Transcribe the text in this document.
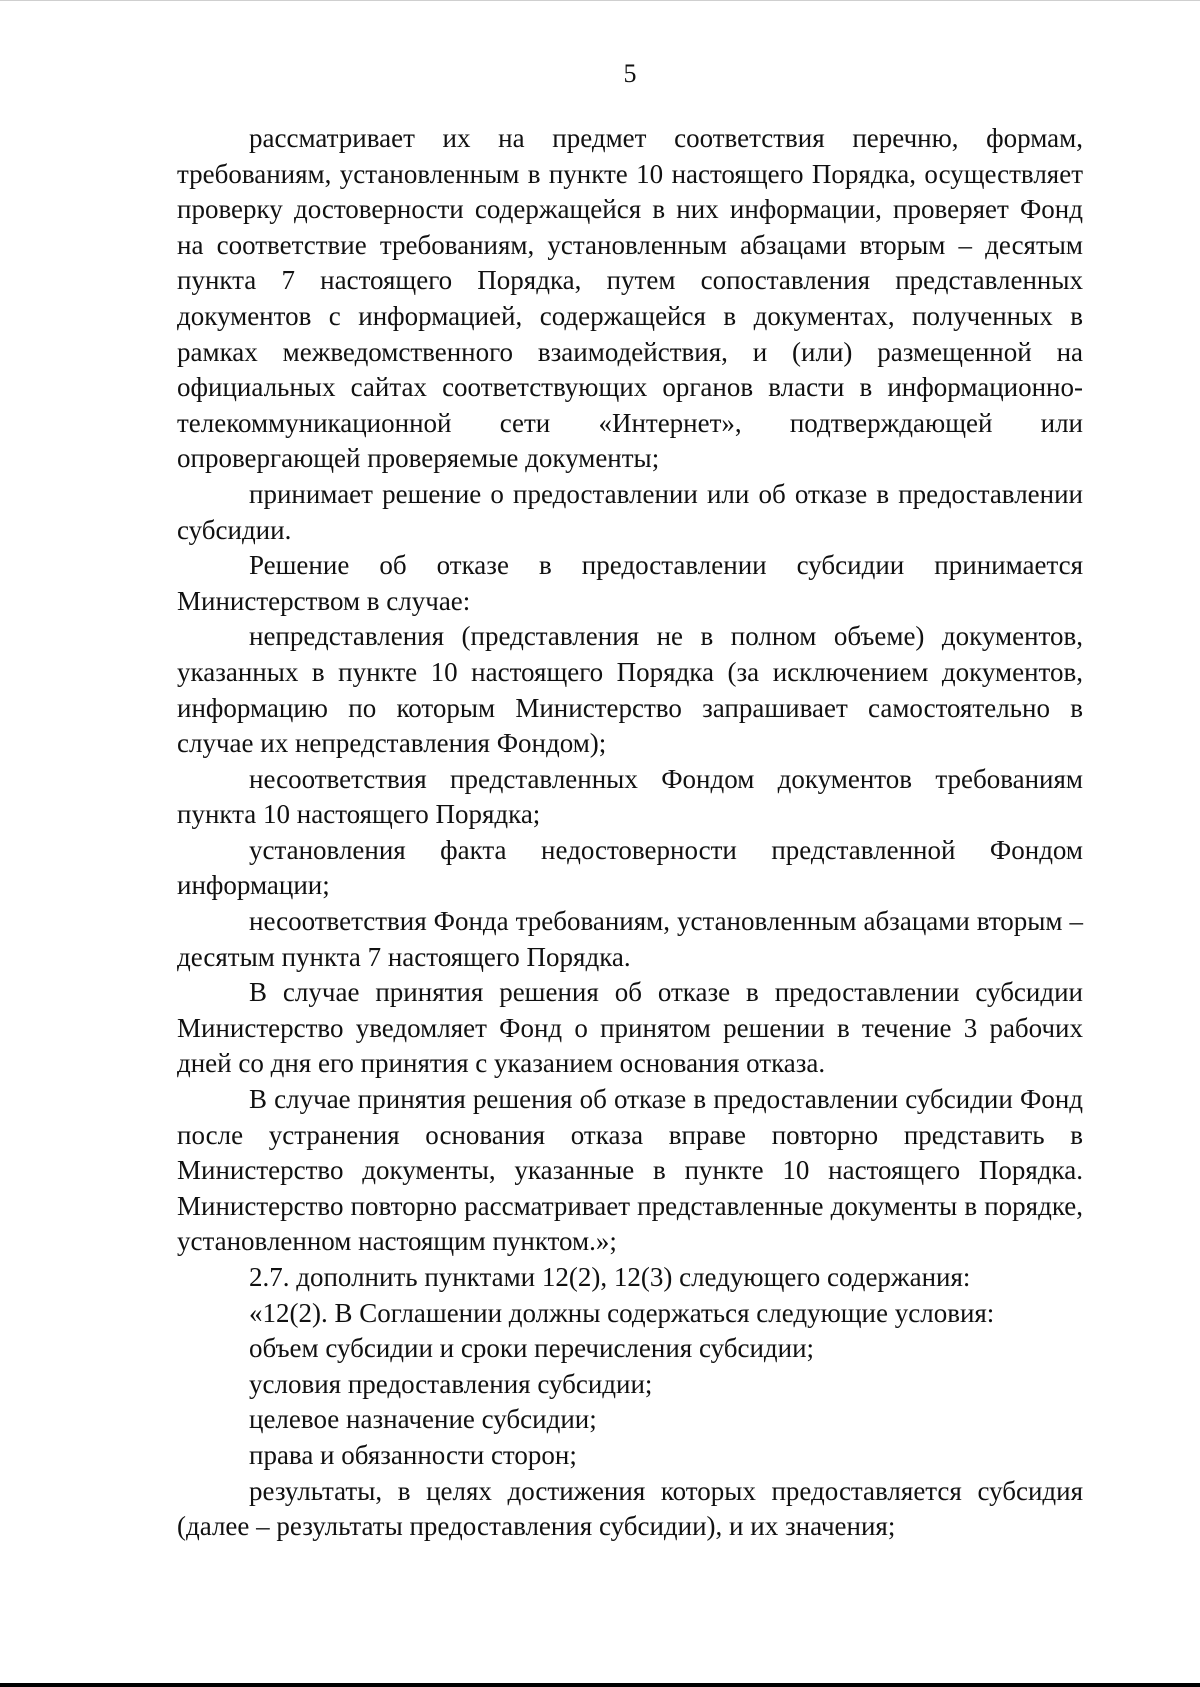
5

рассматривает их на предмет соответствия перечню, формам, требованиям, установленным в пункте 10 настоящего Порядка, осуществляет проверку достоверности содержащейся в них информации, проверяет Фонд на соответствие требованиям, установленным абзацами вторым – десятым пункта 7 настоящего Порядка, путем сопоставления представленных документов с информацией, содержащейся в документах, полученных в рамках межведомственного взаимодействия, и (или) размещенной на официальных сайтах соответствующих органов власти в информационно-телекоммуникационной сети «Интернет», подтверждающей или опровергающей проверяемые документы;

принимает решение о предоставлении или об отказе в предоставлении субсидии.

Решение об отказе в предоставлении субсидии принимается Министерством в случае:

непредставления (представления не в полном объеме) документов, указанных в пункте 10 настоящего Порядка (за исключением документов, информацию по которым Министерство запрашивает самостоятельно в случае их непредставления Фондом);

несоответствия представленных Фондом документов требованиям пункта 10 настоящего Порядка;

установления факта недостоверности представленной Фондом информации;

несоответствия Фонда требованиям, установленным абзацами вторым – десятым пункта 7 настоящего Порядка.

В случае принятия решения об отказе в предоставлении субсидии Министерство уведомляет Фонд о принятом решении в течение 3 рабочих дней со дня его принятия с указанием основания отказа.

В случае принятия решения об отказе в предоставлении субсидии Фонд после устранения основания отказа вправе повторно представить в Министерство документы, указанные в пункте 10 настоящего Порядка. Министерство повторно рассматривает представленные документы в порядке, установленном настоящим пунктом.»;

2.7. дополнить пунктами 12(2), 12(3) следующего содержания:

«12(2). В Соглашении должны содержаться следующие условия:

объем субсидии и сроки перечисления субсидии;

условия предоставления субсидии;

целевое назначение субсидии;

права и обязанности сторон;

результаты, в целях достижения которых предоставляется субсидия (далее – результаты предоставления субсидии), и их значения;
